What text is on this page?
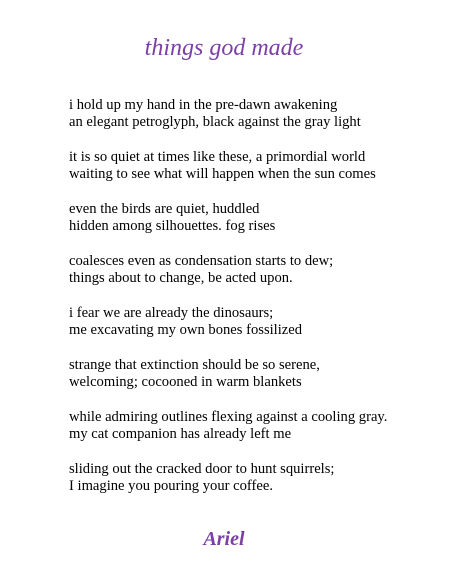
things god made
i hold up my hand in the pre-dawn awakening
an elegant petroglyph, black against the gray light
it is so quiet at times like these, a primordial world
waiting to see what will happen when the sun comes
even the birds are quiet, huddled
hidden among silhouettes. fog rises
coalesces even as condensation starts to dew;
things about to change, be acted upon.
i fear we are already the dinosaurs;
me excavating my own bones fossilized
strange that extinction should be so serene,
welcoming; cocooned in warm blankets
while admiring outlines flexing against a cooling gray.
my cat companion has already left me
sliding out the cracked door to hunt squirrels;
I imagine you pouring your coffee.
Ariel
